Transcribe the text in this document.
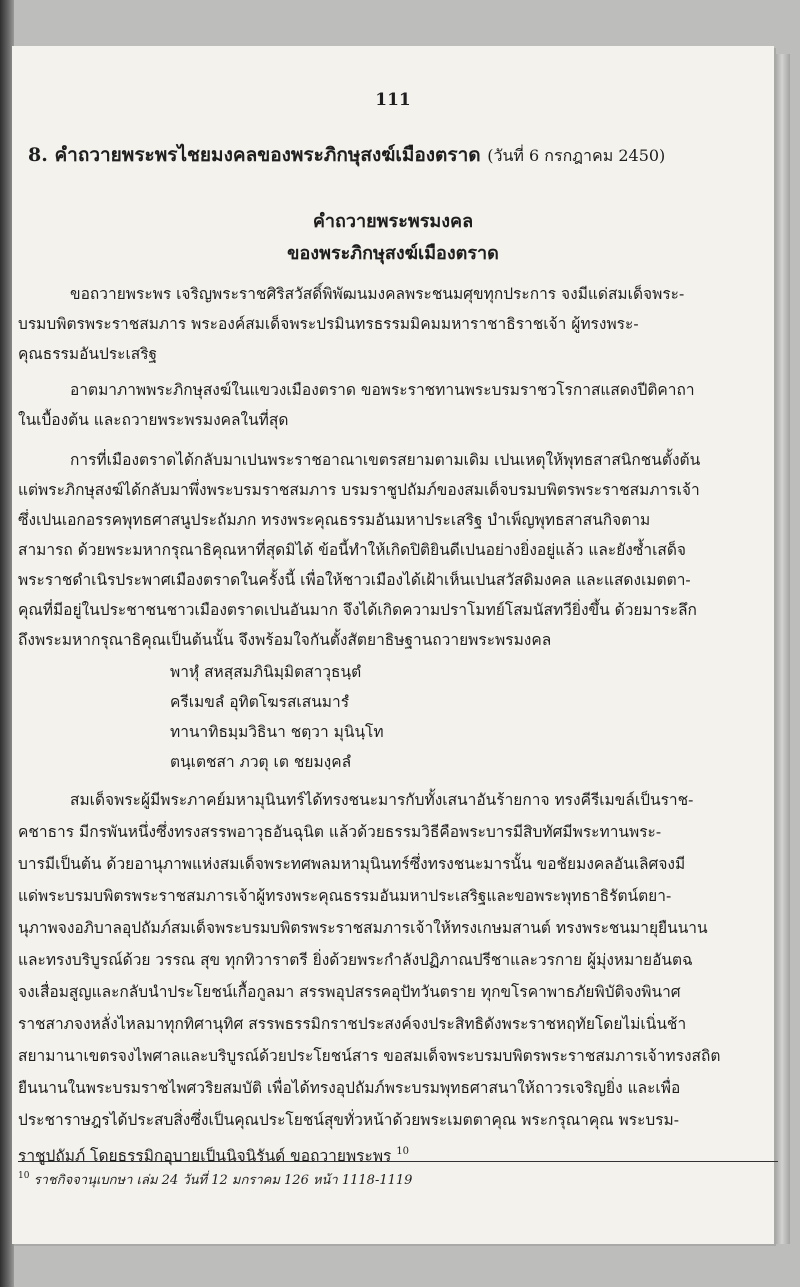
111
8. คำถวายพระพรไชยมงคลของพระภิกษุสงฆ์เมืองตราด (วันที่ 6 กรกฎาคม 2450)
คำถวายพระพรมงคล
ของพระภิกษุสงฆ์เมืองตราด
ขอถวายพระพร เจริญพระราชศิริสวัสดิ์พิพัฒนมงคลพระชนมศุขทุกประการ จงมีแด่สมเด็จพระ-
บรมบพิตรพระราชสมภาร พระองค์สมเด็จพระปรมินทรธรรมมิคมมหาราชาธิราชเจ้า ผู้ทรงพระ-
คุณธรรมอันประเสริฐ
อาตมาภาพพระภิกษุสงฆ์ในแขวงเมืองตราด ขอพระราชทานพระบรมราชวโรกาสแสดงปีติคาถา
ในเบื้องต้น และถวายพระพรมงคลในที่สุด
การที่เมืองตราดได้กลับมาเปนพระราชอาณาเขตรสยามตามเดิม เปนเหตุให้พุทธสาสนิกชนตั้งต้น
แต่พระภิกษุสงฆ์ได้กลับมาพึ่งพระบรมราชสมภาร บรมราชูปถัมภ์ของสมเด็จบรมบพิตรพระราชสมภารเจ้า
ซึ่งเปนเอกอรรคพุทธศาสนูประถัมภก ทรงพระคุณธรรมอันมหาประเสริฐ บำเพ็ญพุทธสาสนกิจตาม
สามารถ ด้วยพระมหากรุณาธิคุณหาที่สุดมิได้ ข้อนี้ทำให้เกิดปิติยินดีเปนอย่างยิ่งอยู่แล้ว และยังซ้ำเสด็จ
พระราชดำเนิรประพาศเมืองตราดในครั้งนี้ เพื่อให้ชาวเมืองได้เฝ้าเห็นเปนสวัสดิมงคล และแสดงเมตตา-
คุณที่มีอยู่ในประชาชนชาวเมืองตราดเปนอันมาก จึงได้เกิดความปราโมทย์โสมนัสทวียิ่งขึ้น ด้วยมาระลึก
ถึงพระมหากรุณาธิคุณเป็นต้นนั้น จึงพร้อมใจกันตั้งสัตยาธิษฐานถวายพระพรมงคล
พาหุํ สหสฺสมภินิมฺมิตสาวุธนฺตํ
ครีเมขลํ อุทิตโฆรสเสนมารํ
ทานาทิธมฺมวิธินา ชตฺวา มุนินฺโท
ตนฺเตชสา ภวตุ เต ชยมงฺคลํ
สมเด็จพระผู้มีพระภาคย์มหามุนินทร์ได้ทรงชนะมารกับทั้งเสนาอันร้ายกาจ ทรงคีรีเมขล์เป็นราช-
คชาธาร มีกรพันหนึ่งซึ่งทรงสรรพอาวุธอันฉุนิต แล้วด้วยธรรมวิธีคือพระบารมีสิบทัศมีพระทานพระ-
บารมีเป็นต้น ด้วยอานุภาพแห่งสมเด็จพระทศพลมหามุนินทร์ซึ่งทรงชนะมารนั้น ขอชัยมงคลอันเลิศจงมี
แด่พระบรมบพิตรพระราชสมภารเจ้าผู้ทรงพระคุณธรรมอันมหาประเสริฐและขอพระพุทธาธิรัตน์ตยา-
นุภาพจงอภิบาลอุปถัมภ์สมเด็จพระบรมบพิตรพระราชสมภารเจ้าให้ทรงเกษมสานต์ ทรงพระชนมายุยืนนาน
และทรงบริบูรณ์ด้วย วรรณ สุข ทุกทิวาราตรี ยิ่งด้วยพระกำลังปฏิภาณปรีชาและวรกาย ผู้มุ่งหมายอันตฉ
จงเสื่อมสูญและกลับนำประโยชน์เกื้อกูลมา สรรพอุปสรรคอุปัทวันตราย ทุกขโรคาพาธภัยพิบัติจงพินาศ
ราชสาภจงหลั่งไหลมาทุกทิศานุทิศ สรรพธรรมิกราชประสงค์จงประสิทธิดังพระราชหฤทัยโดยไม่เนิ่นช้า
สยามานาเขตรจงไพศาลและบริบูรณ์ด้วยประโยชน์สาร ขอสมเด็จพระบรมบพิตรพระราชสมภารเจ้าทรงสถิต
ยืนนานในพระบรมราชไพศวริยสมบัติ เพื่อได้ทรงอุปถัมภ์พระบรมพุทธศาสนาให้ถาวรเจริญยิ่ง และเพื่อ
ประชาราษฎรได้ประสบสิ่งซึ่งเป็นคุณประโยชน์สุขทั่วหน้าด้วยพระเมตตาคุณ พระกรุณาคุณ พระบรม-
ราชูปถัมภ์ โดยธรรมิกอุบายเป็นนิจนิรันด์ ขอถวายพระพร $^{10}$
$^{10}$ ราชกิจจานุเบกษา เล่ม 24 วันที่ 12 มกราคม 126 หน้า 1118-1119
